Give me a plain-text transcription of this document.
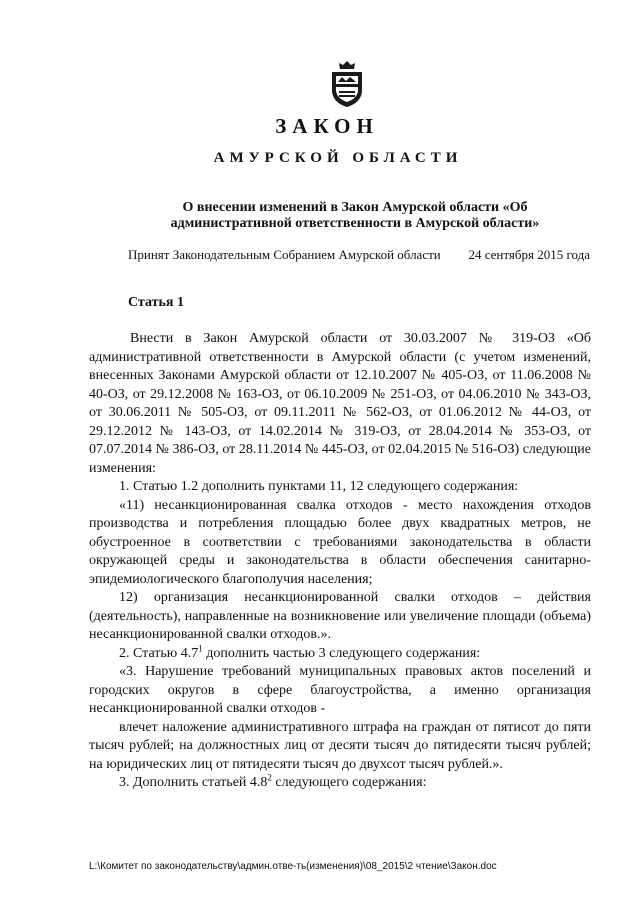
ЗАКОН
АМУРСКОЙ ОБЛАСТИ
О внесении изменений в Закон Амурской области «Об административной ответственности в Амурской области»
Принят Законодательным Собранием Амурской области 24 сентября 2015 года
Статья 1

Внести в Закон Амурской области от 30.03.2007 № 319-ОЗ «Об административной ответственности в Амурской области (с учетом изменений, внесенных Законами Амурской области от 12.10.2007 № 405-ОЗ, от 11.06.2008 № 40-ОЗ, от 29.12.2008 № 163-ОЗ, от 06.10.2009 № 251-ОЗ, от 04.06.2010 № 343-ОЗ, от 30.06.2011 № 505-ОЗ, от 09.11.2011 № 562-ОЗ, от 01.06.2012 № 44-ОЗ, от 29.12.2012 № 143-ОЗ, от 14.02.2014 № 319-ОЗ, от 28.04.2014 № 353-ОЗ, от 07.07.2014 № 386-ОЗ, от 28.11.2014 № 445-ОЗ, от 02.04.2015 № 516-ОЗ) следующие изменения:

1. Статью 1.2 дополнить пунктами 11, 12 следующего содержания:

«11) несанкционированная свалка отходов - место нахождения отходов производства и потребления площадью более двух квадратных метров, не обустроенное в соответствии с требованиями законодательства в области окружающей среды и законодательства в области обеспечения санитарно-эпидемиологического благополучия населения;

12) организация несанкционированной свалки отходов – действия (деятельность), направленные на возникновение или увеличение площади (объема) несанкционированной свалки отходов.».

2. Статью $4.7^1$ дополнить частью 3 следующего содержания:

«3. Нарушение требований муниципальных правовых актов поселений и городских округов в сфере благоустройства, а именно организация несанкционированной свалки отходов -

влечет наложение административного штрафа на граждан от пятисот до пяти тысяч рублей; на должностных лиц от десяти тысяч до пятидесяти тысяч рублей; на юридических лиц от пятидесяти тысяч до двухсот тысяч рублей.».

3. Дополнить статьей $4.8^2$ следующего содержания:

L:\Комитет по законодательству\админ.отве-ть(изменения)\08_2015\2 чтение\Закон.doc
